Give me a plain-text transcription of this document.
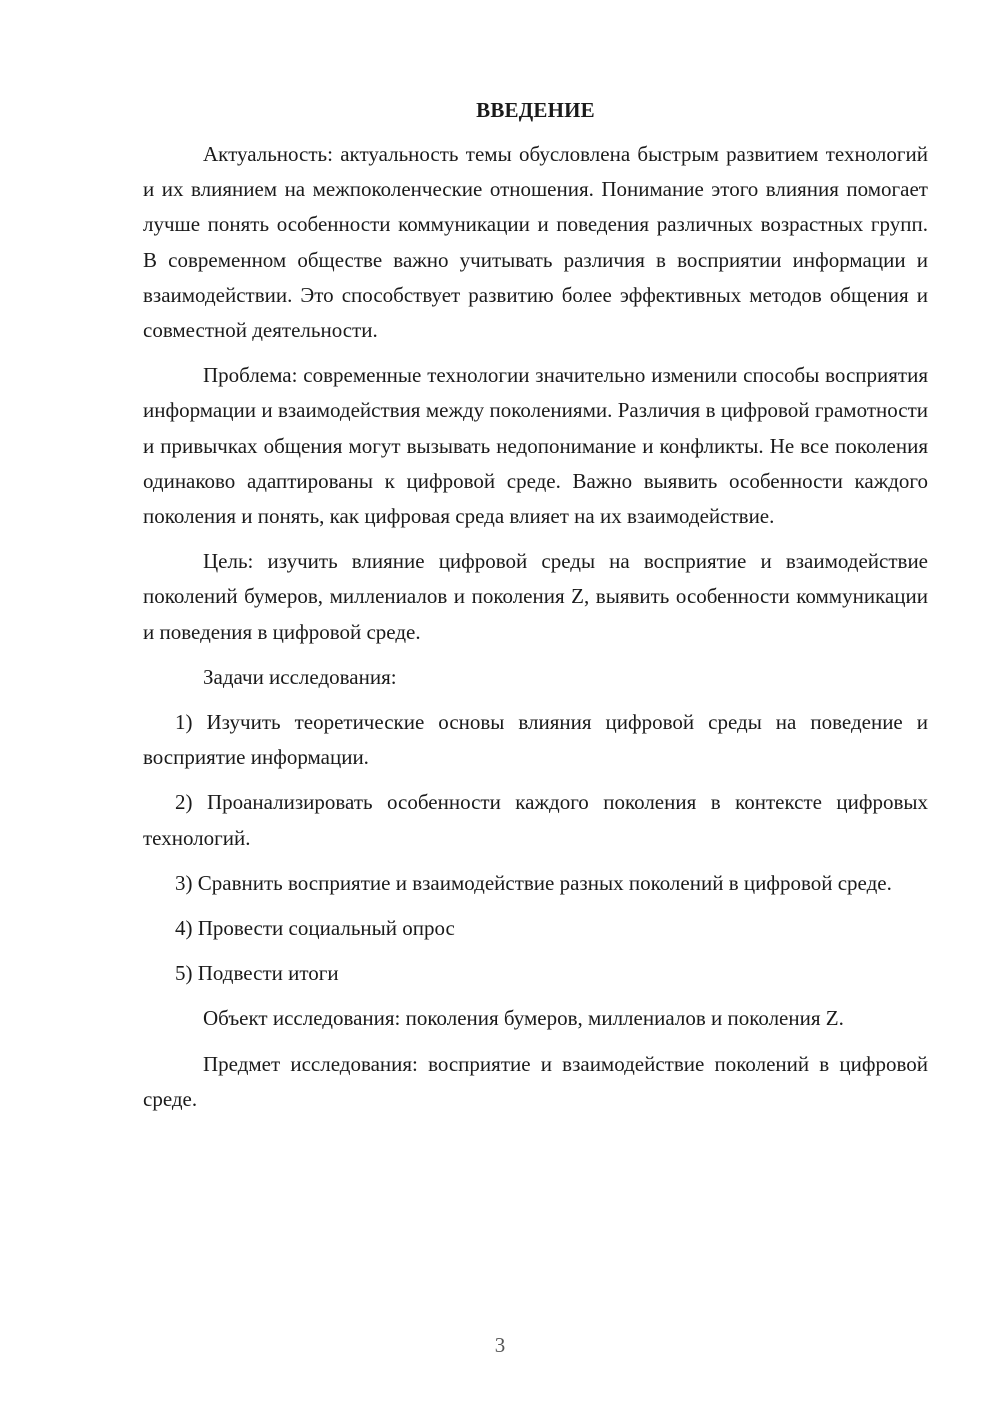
ВВЕДЕНИЕ

Актуальность: актуальность темы обусловлена быстрым развитием технологий и их влиянием на межпоколенческие отношения. Понимание этого влияния помогает лучше понять особенности коммуникации и поведения различных возрастных групп. В современном обществе важно учитывать различия в восприятии информации и взаимодействии. Это способствует развитию более эффективных методов общения и совместной деятельности.

Проблема: современные технологии значительно изменили способы восприятия информации и взаимодействия между поколениями. Различия в цифровой грамотности и привычках общения могут вызывать недопонимание и конфликты. Не все поколения одинаково адаптированы к цифровой среде. Важно выявить особенности каждого поколения и понять, как цифровая среда влияет на их взаимодействие.

Цель: изучить влияние цифровой среды на восприятие и взаимодействие поколений бумеров, миллениалов и поколения Z, выявить особенности коммуникации и поведения в цифровой среде.

Задачи исследования:

1) Изучить теоретические основы влияния цифровой среды на поведение и восприятие информации.

2) Проанализировать особенности каждого поколения в контексте цифровых технологий.

3) Сравнить восприятие и взаимодействие разных поколений в цифровой среде.

4) Провести социальный опрос

5) Подвести итоги

Объект исследования: поколения бумеров, миллениалов и поколения Z.

Предмет исследования: восприятие и взаимодействие поколений в цифровой среде.

3
